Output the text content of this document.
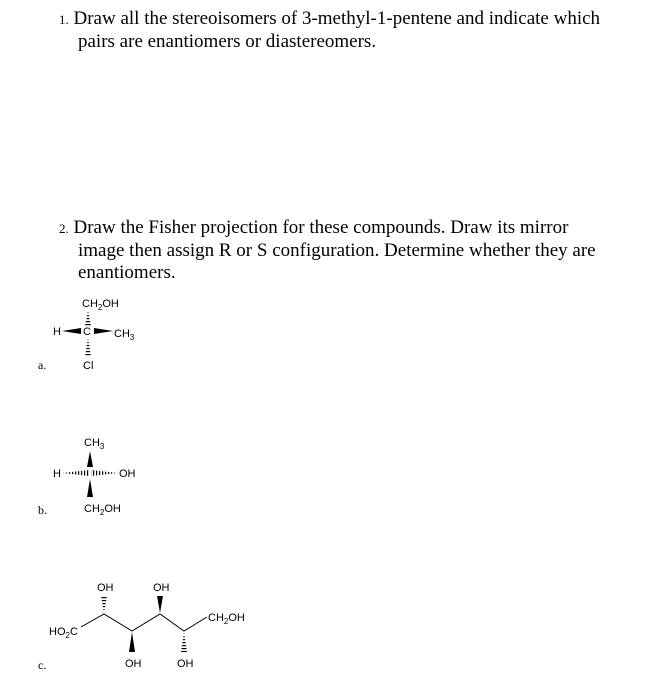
1. Draw all the stereoisomers of 3-methyl-1-pentene and indicate which
pairs are enantiomers or diastereomers.
2. Draw the Fisher projection for these compounds. Draw its mirror
image then assign R or S configuration. Determine whether they are
enantiomers.
a.
b.
c.
$CH_2OH$
H C $CH_3$
Cl
$CH_3$
H	OH
$CH_2OH$
$HO_2C$
$CH_2OH$
OH
OH
OH
OH
